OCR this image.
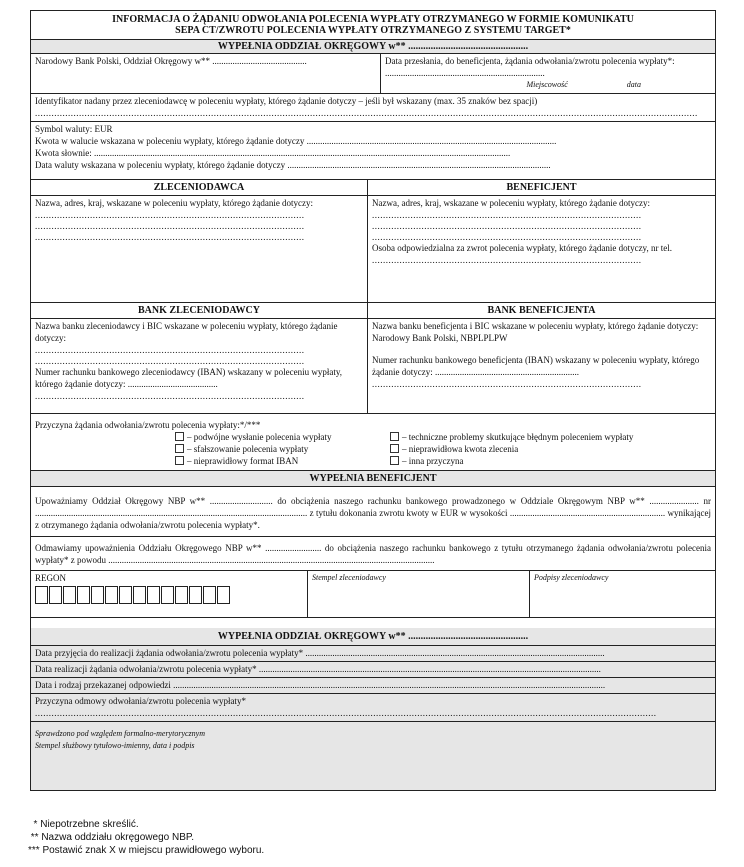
INFORMACJA O ŻĄDANIU ODWOŁANIA POLECENIA WYPŁATY OTRZYMANEGO W FORMIE KOMUNIKATU
SEPA CT/ZWROTU POLECENIA WYPŁATY OTRZYMANEGO Z SYSTEMU TARGET*
WYPEŁNIA ODDZIAŁ OKRĘGOWY w** ................................................
Narodowy Bank Polski, Oddział Okręgowy w** ..........................................	Data przesłania, do beneficjenta, żądania odwołania/zwrotu polecenia wypłaty*: .......................................................................
Miejscowość	data
Identyfikator nadany przez zleceniodawcę w poleceniu wypłaty, którego żądanie dotyczy – jeśli był wskazany (max. 35 znaków bez spacji)
.................................................................................................................................................................................................................................................
Symbol waluty: EUR
Kwota w walucie wskazana w poleceniu wypłaty, którego żądanie dotyczy ...............................................................................................................
Kwota słownie: .........................................................................................................................................................................................
Data waluty wskazana w poleceniu wypłaty, którego żądanie dotyczy .....................................................................................................................
ZLECENIODAWCA
Nazwa, adres, kraj, wskazane w poleceniu wypłaty, którego żądanie dotyczy:
..................................................................................................
..................................................................................................
..................................................................................................
BENEFICJENT
Nazwa, adres, kraj, wskazane w poleceniu wypłaty, którego żądanie dotyczy:
..................................................................................................
..................................................................................................
..................................................................................................
Osoba odpowiedzialna za zwrot polecenia wypłaty, którego żądanie dotyczy, nr tel.
..................................................................................................
BANK ZLECENIODAWCY
Nazwa banku zleceniodawcy i BIC wskazane w poleceniu wypłaty, którego żądanie dotyczy:
..................................................................................................
..................................................................................................
Numer rachunku bankowego zleceniodawcy (IBAN) wskazany w poleceniu wypłaty, którego żądanie dotyczy: ........................................
..................................................................................................
BANK BENEFICJENTA
Nazwa banku beneficjenta i BIC wskazane w poleceniu wypłaty, którego żądanie dotyczy: Narodowy Bank Polski, NBPLPLPW
Numer rachunku bankowego beneficjenta (IBAN) wskazany w poleceniu wypłaty, którego żądanie dotyczy: ................................................................
..................................................................................................
Przyczyna żądania odwołania/zwrotu polecenia wypłaty:*/***
– podwójne wysłanie polecenia wypłaty
– sfałszowanie polecenia wypłaty
– nieprawidłowy format IBAN
– techniczne problemy skutkujące błędnym poleceniem wypłaty
– nieprawidłowa kwota zlecenia
– inna przyczyna
WYPEŁNIA BENEFICJENT
Upoważniamy Oddział Okręgowy NBP w** ............................ do obciążenia naszego rachunku bankowego prowadzonego w Oddziale Okręgowym NBP w** ...................... nr ......................................................................................................................... z tytułu dokonania zwrotu kwoty w EUR w wysokości ..................................................................... wynikającej z otrzymanego żądania odwołania/zwrotu polecenia wypłaty*.
Odmawiamy upoważnienia Oddziału Okręgowego NBP w** ......................... do obciążenia naszego rachunku bankowego z tytułu otrzymanego żądania odwołania/zwrotu polecenia wypłaty* z powodu .................................................................................................................................................
REGON	Stempel zleceniodawcy	Podpisy zleceniodawcy
WYPEŁNIA ODDZIAŁ OKRĘGOWY w** ................................................
Data przyjęcia do realizacji żądania odwołania/zwrotu polecenia wypłaty* .....................................................................................................................................
Data realizacji żądania odwołania/zwrotu polecenia wypłaty* ........................................................................................................................................................
Data i rodzaj przekazanej odpowiedzi ................................................................................................................................................................................................
Przyczyna odmowy odwołania/zwrotu polecenia wypłaty*
..................................................................................................................................................................................................................................
Sprawdzono pod względem formalno-merytorycznym
Stempel służbowy tytułowo-imienny, data i podpis
* Niepotrzebne skreślić.
** Nazwa oddziału okręgowego NBP.
*** Postawić znak X w miejscu prawidłowego wyboru.
